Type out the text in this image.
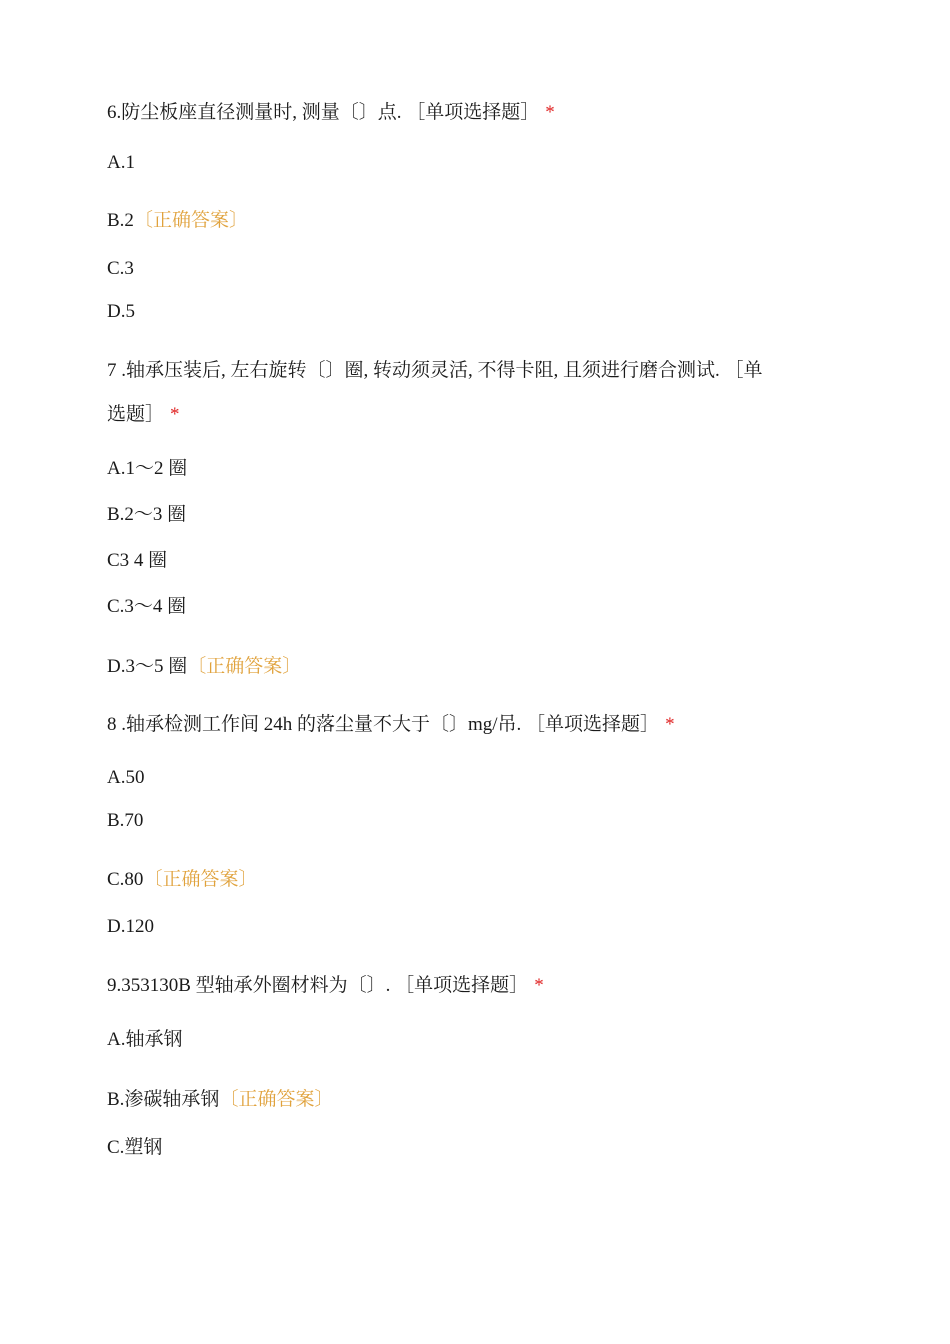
6.防尘板座直径测量时, 测量〔〕点. ［单项选择题］ *
A.1
B.2〔正确答案〕
C.3
D.5
7 .轴承压装后, 左右旋转〔〕圈, 转动须灵活, 不得卡阻, 且须进行磨合测试. ［单
选题］ *
A.1〜2 圈
B.2〜3 圈
C3 4 圈
C.3〜4 圈
D.3〜5 圈〔正确答案〕
8 .轴承检测工作间 24h 的落尘量不大于〔〕mg/吊. ［单项选择题］ *
A.50
B.70
C.80〔正确答案〕
D.120
9.353130B 型轴承外圈材料为〔〕. ［单项选择题］ *
A.轴承钢
B.渗碳轴承钢〔正确答案〕
C.塑钢
